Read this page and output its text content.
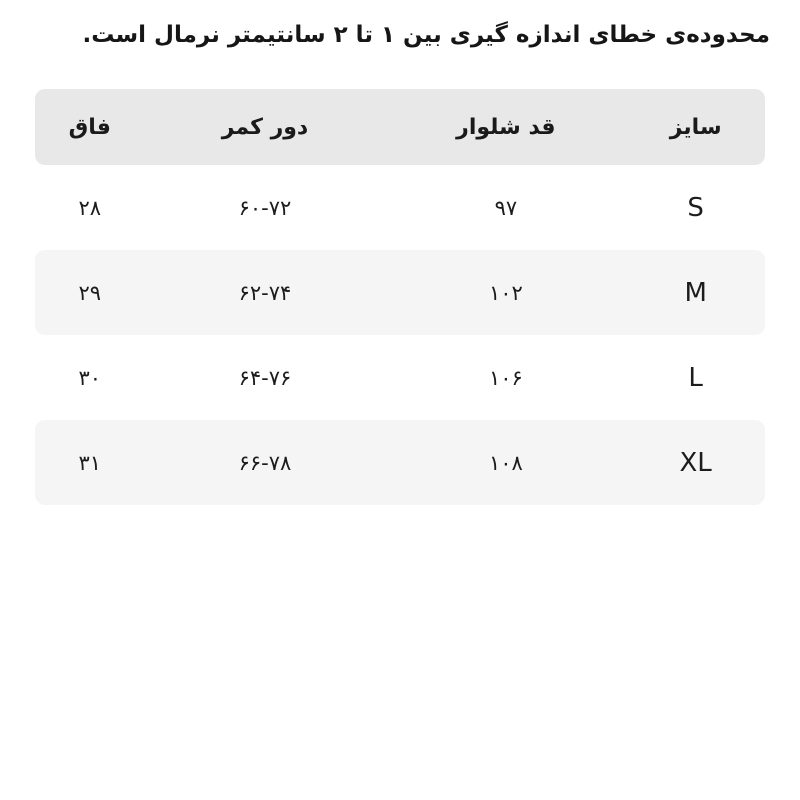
محدوده‌ی خطای اندازه گیری بین ۱ تا ۲ سانتیمتر نرمال است.

سایز	قد شلوار	دور کمر	فاق
S	۹۷	۶۰-۷۲	۲۸
M	۱۰۲	۶۲-۷۴	۲۹
L	۱۰۶	۶۴-۷۶	۳۰
XL	۱۰۸	۶۶-۷۸	۳۱
